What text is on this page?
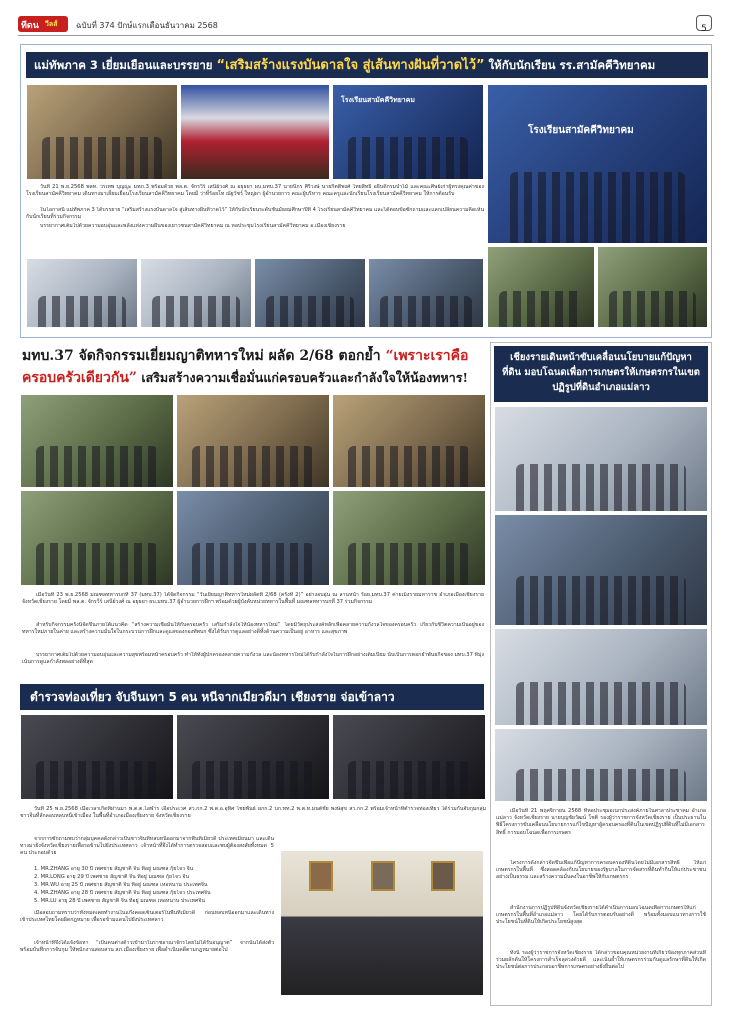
ทีดน วีลส์ ฉบับที่ 374 ปักษ์แรกเดือนธันวาคม 2568	5
แม่ทัพภาค 3 เยี่ยมเยือนและบรรยาย “เสริมสร้างแรงบันดาลใจ สู่เส้นทางฝันที่วาดไว้” ให้กับนักเรียน รร.สามัคคีวิทยาคม
โรงเรียนสามัคคีวิทยาคม
โรงเรียนสามัคคีวิทยาคม
วันที่ 21 พ.ย.2568 พลท. วรเทพ บุญญะ มทภ.3 พร้อมด้วย พล.ต. จักรวีร์ เสนีย์วงศ์ ณ อยุธยา ผบ.มทบ.37 นายนิกร ศิริวงษ์ นายกิตติพงศ์ ไทยสิทธิ์ อธิบดีกรมป่าไม้ และคณะศิษย์เก่าผู้ทรงคุณค่าของโรงเรียนสามัคคีวิทยาคม เดินทางมาเยี่ยมเยือนโรงเรียนสามัคคีวิทยาคม โดยมี ว่าที่ร้อยโท ณัฐวัชร์ ใหญ่ผา ผู้อำนวยการ คณะผู้บริหาร คณะครูและนักเรียนโรงเรียนสามัคคีวิทยาคม ให้การต้อนรับ
ในโอกาสนี้ แม่ทัพภาค 3 ได้บรรยาย “เสริมสร้างแรงบันดาลใจ สู่เส้นทางฝันที่วาดไว้” ให้กับนักเรียนระดับชั้นมัธยมศึกษาปีที่ 4 โรงเรียนสามัคคีวิทยาคม และได้ตอบข้อซักถามและแลกเปลี่ยนความคิดเห็นกับนักเรียนที่ร่วมกิจกรรม
บรรยากาศเต็มไปด้วยความอบอุ่นและพลังแห่งความฝันของเยาวชนสามัคคีวิทยาคม ณ หอประชุมโรงเรียนสามัคคีวิทยาคม อ.เมืองเชียงราย
มทบ.37 จัดกิจกรรมเยี่ยมญาติทหารใหม่ ผลัด 2/68 ตอกย้ำ “เพราะเราคือครอบครัวเดียวกัน” เสริมสร้างความเชื่อมั่นแก่ครอบครัวและกำลังใจให้น้องทหาร!
เมื่อวันที่ 23 พ.ย.2568 มณฑลทหารบกที่ 37 (มทบ.37) ได้จัดกิจกรรม “วันเยี่ยมญาติทหารใหม่ผลัดที่ 2/68 (ครั้งที่ 2)” อย่างอบอุ่น ณ ลานหน้า ร้อย.มทบ.37 ค่ายเม็งรายมหาราช อำเภอเมืองเชียงราย จังหวัดเชียงราย โดยมี พล.ต. จักรวีร์ เสนีย์วงศ์ ณ อยุธยา ผบ.มทบ.37 ผู้อำนวยการฝึกฯ พร้อมด้วยผู้บังคับหน่วยทหารในพื้นที่ มณฑลทหารบกที่ 37 ร่วมกิจกรรม
สำหรับกิจกรรมครั้งนี้จัดขึ้นภายใต้แนวคิด “สร้างความเชื่อมั่นให้กับครอบครัว เสริมกำลังใจให้น้องทหารใหม่” โดยมีวัตถุประสงค์หลักเพื่อคลายความกังวลใจของครอบครัว เกี่ยวกับชีวิตความเป็นอยู่ของทหารใหม่ภายในค่าย และสร้างความมั่นใจในกระบวนการฝึกและดูแลของกองทัพบก ซึ่งได้รับการดูแลอย่างดีทั้งด้านความเป็นอยู่ อาหาร และสุขภาพ
บรรยากาศเต็มไปด้วยความอบอุ่นและความสุขพร้อมหน้าครอบครัว ทำให้ทั้งผู้ปกครองคลายความกังวล และน้องทหารใหม่ได้รับกำลังใจในการฝึกอย่างเต็มเปี่ยม นับเป็นการตอกย้ำพันธกิจของ มทบ.37 ที่มุ่งเน้นการดูแลกำลังพลอย่างดีที่สุด
ตำรวจท่องเที่ยว จับจีนเทา 5 คน หนีจากเมียวดีมา เชียงราย จ่อเข้าลาว
วันที่ 25 พ.ย.2568 เมื่อเวลาเกิดที่ผ่านมา พ.ต.ต.โอฬาร เอื้อประเวศ สว.กก.2 พ.ต.อ.อุทิศ ไชยพันธ์ ผกก.2 บก.ทท.2 พ.ต.ท.มนต์ชัย พงษ์สุข สว.กก.2 พร้อมเจ้าหน้าที่ตำรวจท่องเที่ยว ได้ร่วมกันจับกุมกลุ่มชาวจีนที่ลักลอบหลบหนีเข้าเมือง ในพื้นที่อำเภอเมืองเชียงราย จังหวัดเชียงราย
จากการซักถามพบว่ากลุ่มบุคคลดังกล่าวเป็นชาวจีนที่หลบหนีออกมาจากพื้นที่เมียวดี ประเทศเมียนมา และเดินทางมายังจังหวัดเชียงรายเพื่อรอข้ามไปยังประเทศลาว เจ้าหน้าที่จึงได้ทำการตรวจสอบและพบผู้ต้องสงสัยทั้งหมด 5 คน ประกอบด้วย
1. MR.ZHANG อายุ 30 ปี เพศชาย สัญชาติ จีน ที่อยู่ มณฑล กุ้ยโจว จีน
2. MR.LONG อายุ 29 ปี เพศชาย สัญชาติ จีน ที่อยู่ มณฑล กุ้ยโจว จีน
3. MR.WU อายุ 25 ปี เพศชาย สัญชาติ จีน ที่อยู่ มณฑล เหอหนาน ประเทศจีน
4. MR.ZHANG อายุ 28 ปี เพศชาย สัญชาติ จีน ที่อยู่ มณฑล กุ้ยโจว ประเทศจีน
5. MR.LU อายุ 28 ปี เพศชาย สัญชาติ จีน ที่อยู่ มณฑล เหอหนาน ประเทศจีน
เมื่อสอบถามทราบว่าทั้งหมดเคยทำงานในแก๊งคอลเซ็นเตอร์ในพื้นที่เมียวดี ก่อนหลบหนีออกมาและเดินทางเข้าประเทศไทยโดยผิดกฎหมาย เพื่อรอข้ามแดนไปยังประเทศลาว
เจ้าหน้าที่จึงได้แจ้งข้อหา “เป็นคนต่างด้าวเข้ามาในราชอาณาจักรโดยไม่ได้รับอนุญาต” จากนั้นได้ส่งตัวพร้อมบันทึกการจับกุม ให้พนักงานสอบสวน สภ.เมืองเชียงราย เพื่อดำเนินคดีตามกฎหมายต่อไป
เชียงรายเดินหน้าขับเคลื่อนนโยบายแก้ปัญหาที่ดิน มอบโฉนดเพื่อการเกษตรให้เกษตรกรในเขตปฏิรูปที่ดินอำเภอแม่ลาว
เมื่อวันที่ 21 พฤศจิกายน 2568 ที่หอประชุมอเนกประสงค์ภายในศาลาประชาคม อำเภอแม่ลาว จังหวัดเชียงราย นายบุญชัยวัฒน์ โชติ รองผู้ว่าราชการจังหวัดเชียงราย เป็นประธานในพิธีโครงการขับเคลื่อนนโยบายการแก้ไขปัญหาผู้ครอบครองที่ดินในเขตปฏิรูปที่ดินที่ไม่มีเอกสารสิทธิ์ การมอบโฉนดเพื่อการเกษตร
โครงการดังกล่าวจัดขึ้นเพื่อแก้ปัญหาการครอบครองที่ดินโดยไม่มีเอกสารสิทธิ์ ให้แก่เกษตรกรในพื้นที่ ซึ่งสอดคล้องกับนโยบายของรัฐบาลในการจัดสรรที่ดินทำกินให้แก่ประชาชนอย่างเป็นธรรม และสร้างความมั่นคงในอาชีพให้กับเกษตรกร
สำนักงานการปฏิรูปที่ดินจังหวัดเชียงรายได้ดำเนินการมอบโฉนดเพื่อการเกษตรให้แก่เกษตรกรในพื้นที่อำเภอแม่ลาว โดยได้รับการตอบรับอย่างดี พร้อมทั้งมอบแนวทางการใช้ประโยชน์ในที่ดินให้เกิดประโยชน์สูงสุด
ทั้งนี้ รองผู้ว่าราชการจังหวัดเชียงราย ได้กล่าวขอบคุณหน่วยงานที่เกี่ยวข้องทุกภาคส่วนที่ร่วมผลักดันให้โครงการสำเร็จลุล่วงด้วยดี และเน้นย้ำให้เกษตรกรร่วมกันดูแลรักษาที่ดินให้เกิดประโยชน์ต่อการประกอบอาชีพการเกษตรอย่างยั่งยืนต่อไป
